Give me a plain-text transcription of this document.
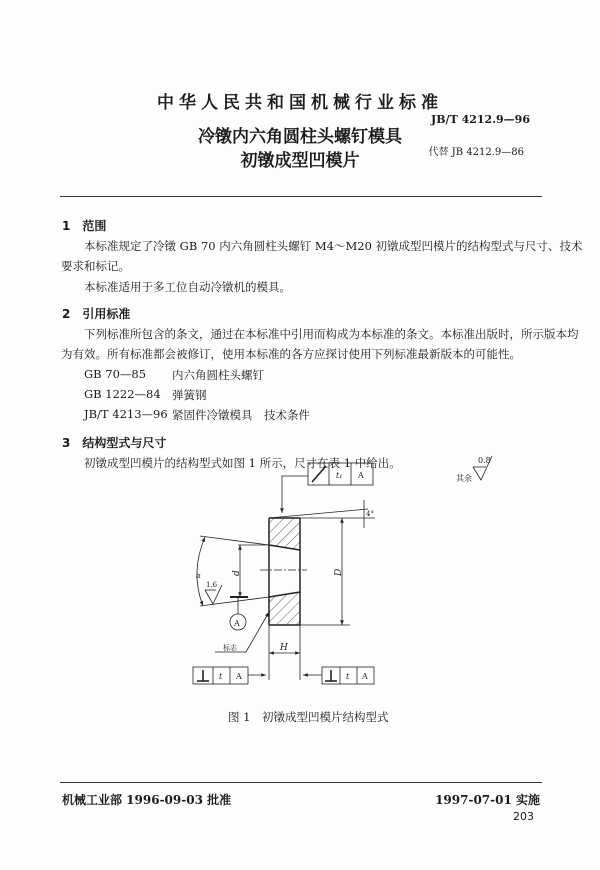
中华人民共和国机械行业标准
JB/T 4212.9—96
冷镦内六角圆柱头螺钉模具
代替 JB 4212.9—86
初镦成型凹模片
1　范围
本标准规定了冷镦 GB 70 内六角圆柱头螺钉 M4～M20 初镦成型凹模片的结构型式与尺寸、技术
要求和标记。
本标准适用于多工位自动冷镦机的模具。
2　引用标准
下列标准所包含的条文，通过在本标准中引用而构成为本标准的条文。本标准出版时，所示版本均
为有效。所有标准都会被修订，使用本标准的各方应探讨使用下列标准最新版本的可能性。
GB 70—85 内六角圆柱头螺钉
GB 1222—84 弹簧钢
JB/T 4213—96 紧固件冷镦模具　技术条件
3　结构型式与尺寸
初镦成型凹模片的结构型式如图 1 所示，尺寸在表 1 中给出。
其余
0.8
t₁ A
4°
D
d
α
1.6
A
标志	H
t A	t A
图 1　初镦成型凹模片结构型式
机械工业部 1996-09-03 批准	1997-07-01 实施
203
